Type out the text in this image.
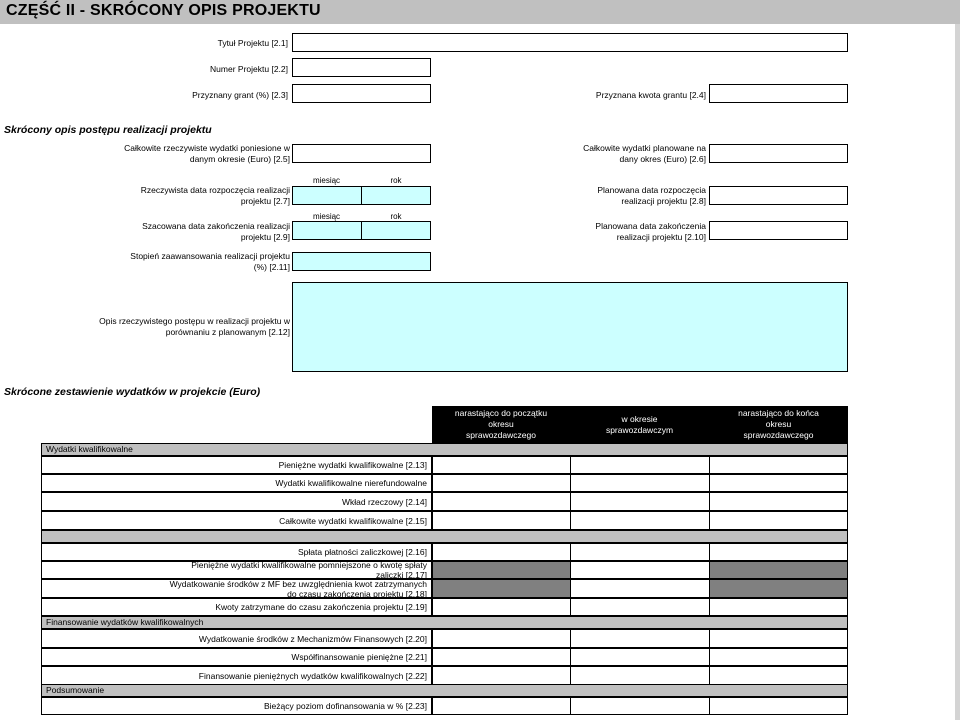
CZĘŚĆ II - SKRÓCONY OPIS PROJEKTU
Tytuł Projektu [2.1]
Numer Projektu [2.2]
Przyznany grant (%) [2.3]	Przyznana kwota grantu [2.4]
Skrócony opis postępu realizacji projektu
Całkowite rzeczywiste wydatki poniesione w
danym okresie (Euro) [2.5]
Całkowite wydatki planowane na
dany okres (Euro) [2.6]
miesiąc	rok
Rzeczywista data rozpoczęcia realizacji
projektu [2.7]
Planowana data rozpoczęcia
realizacji projektu [2.8]
miesiąc	rok
Szacowana data zakończenia realizacji
projektu [2.9]
Planowana data zakończenia
realizacji projektu [2.10]
Stopień zaawansowania realizacji projektu
(%) [2.11]
Opis rzeczywistego postępu w realizacji projektu w
porównaniu z planowanym [2.12]
Skrócone zestawienie wydatków w projekcie (Euro)
narastająco do początku
okresu
sprawozdawczego
w okresie
sprawozdawczym
narastająco do końca
okresu
sprawozdawczego
Wydatki kwalifikowalne
Pieniężne wydatki kwalifikowalne [2.13]
Wydatki kwalifikowalne nierefundowalne
Wkład rzeczowy [2.14]
Całkowite wydatki kwalifikowalne [2.15]
Spłata płatności zaliczkowej [2.16]
Pieniężne wydatki kwalifikowalne pomniejszone o kwotę spłaty
zaliczki [2.17]
Wydatkowanie środków z MF bez uwzględnienia kwot zatrzymanych
do czasu zakończenia projektu [2.18]
Kwoty zatrzymane do czasu zakończenia projektu [2.19]
Finansowanie wydatków kwalifikowalnych
Wydatkowanie środków z Mechanizmów Finansowych [2.20]
Współfinansowanie pieniężne [2.21]
Finansowanie pieniężnych wydatków kwalifikowalnych [2.22]
Podsumowanie
Bieżący poziom dofinansowania w % [2.23]
